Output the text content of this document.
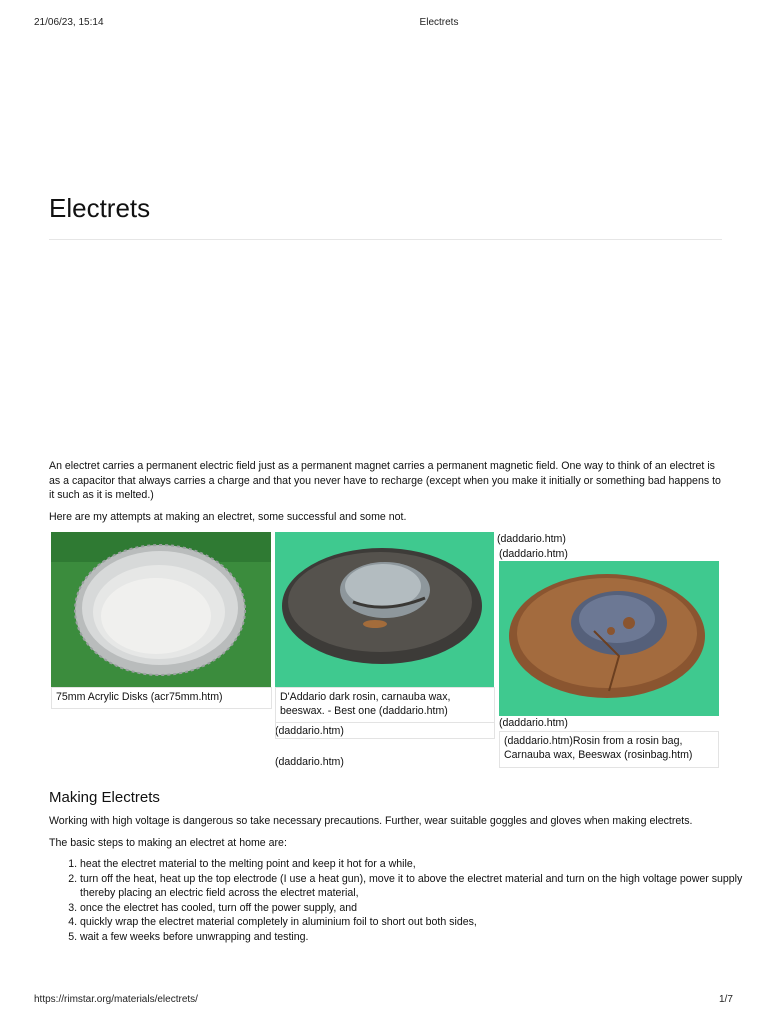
21/06/23, 15:14	Electrets
Electrets

An electret carries a permanent electric field just as a permanent magnet carries a permanent magnetic field. One way to think of an electret is as a capacitor that always carries a charge and that you never have to recharge (except when you make it initially or something bad happens to it such as it is melted.)

Here are my attempts at making an electret, some successful and some not.

75mm Acrylic Disks (acr75mm.htm)	D'Addario dark rosin, carnauba wax, beeswax. - Best one (daddario.htm)
(daddario.htm)
(daddario.htm)
(daddario.htm)
(daddario.htm)
(daddario.htm)
(daddario.htm)Rosin from a rosin bag, Carnauba wax, Beeswax (rosinbag.htm)
Making Electrets

Working with high voltage is dangerous so take necessary precautions. Further, wear suitable goggles and gloves when making electrets.

The basic steps to making an electret at home are:

1. heat the electret material to the melting point and keep it hot for a while,
2. turn off the heat, heat up the top electrode (I use a heat gun), move it to above the electret material and turn on the high voltage power supply thereby placing an electric field across the electret material,
3. once the electret has cooled, turn off the power supply, and
4. quickly wrap the electret material completely in aluminium foil to short out both sides,
5. wait a few weeks before unwrapping and testing.
https://rimstar.org/materials/electrets/	1/7
